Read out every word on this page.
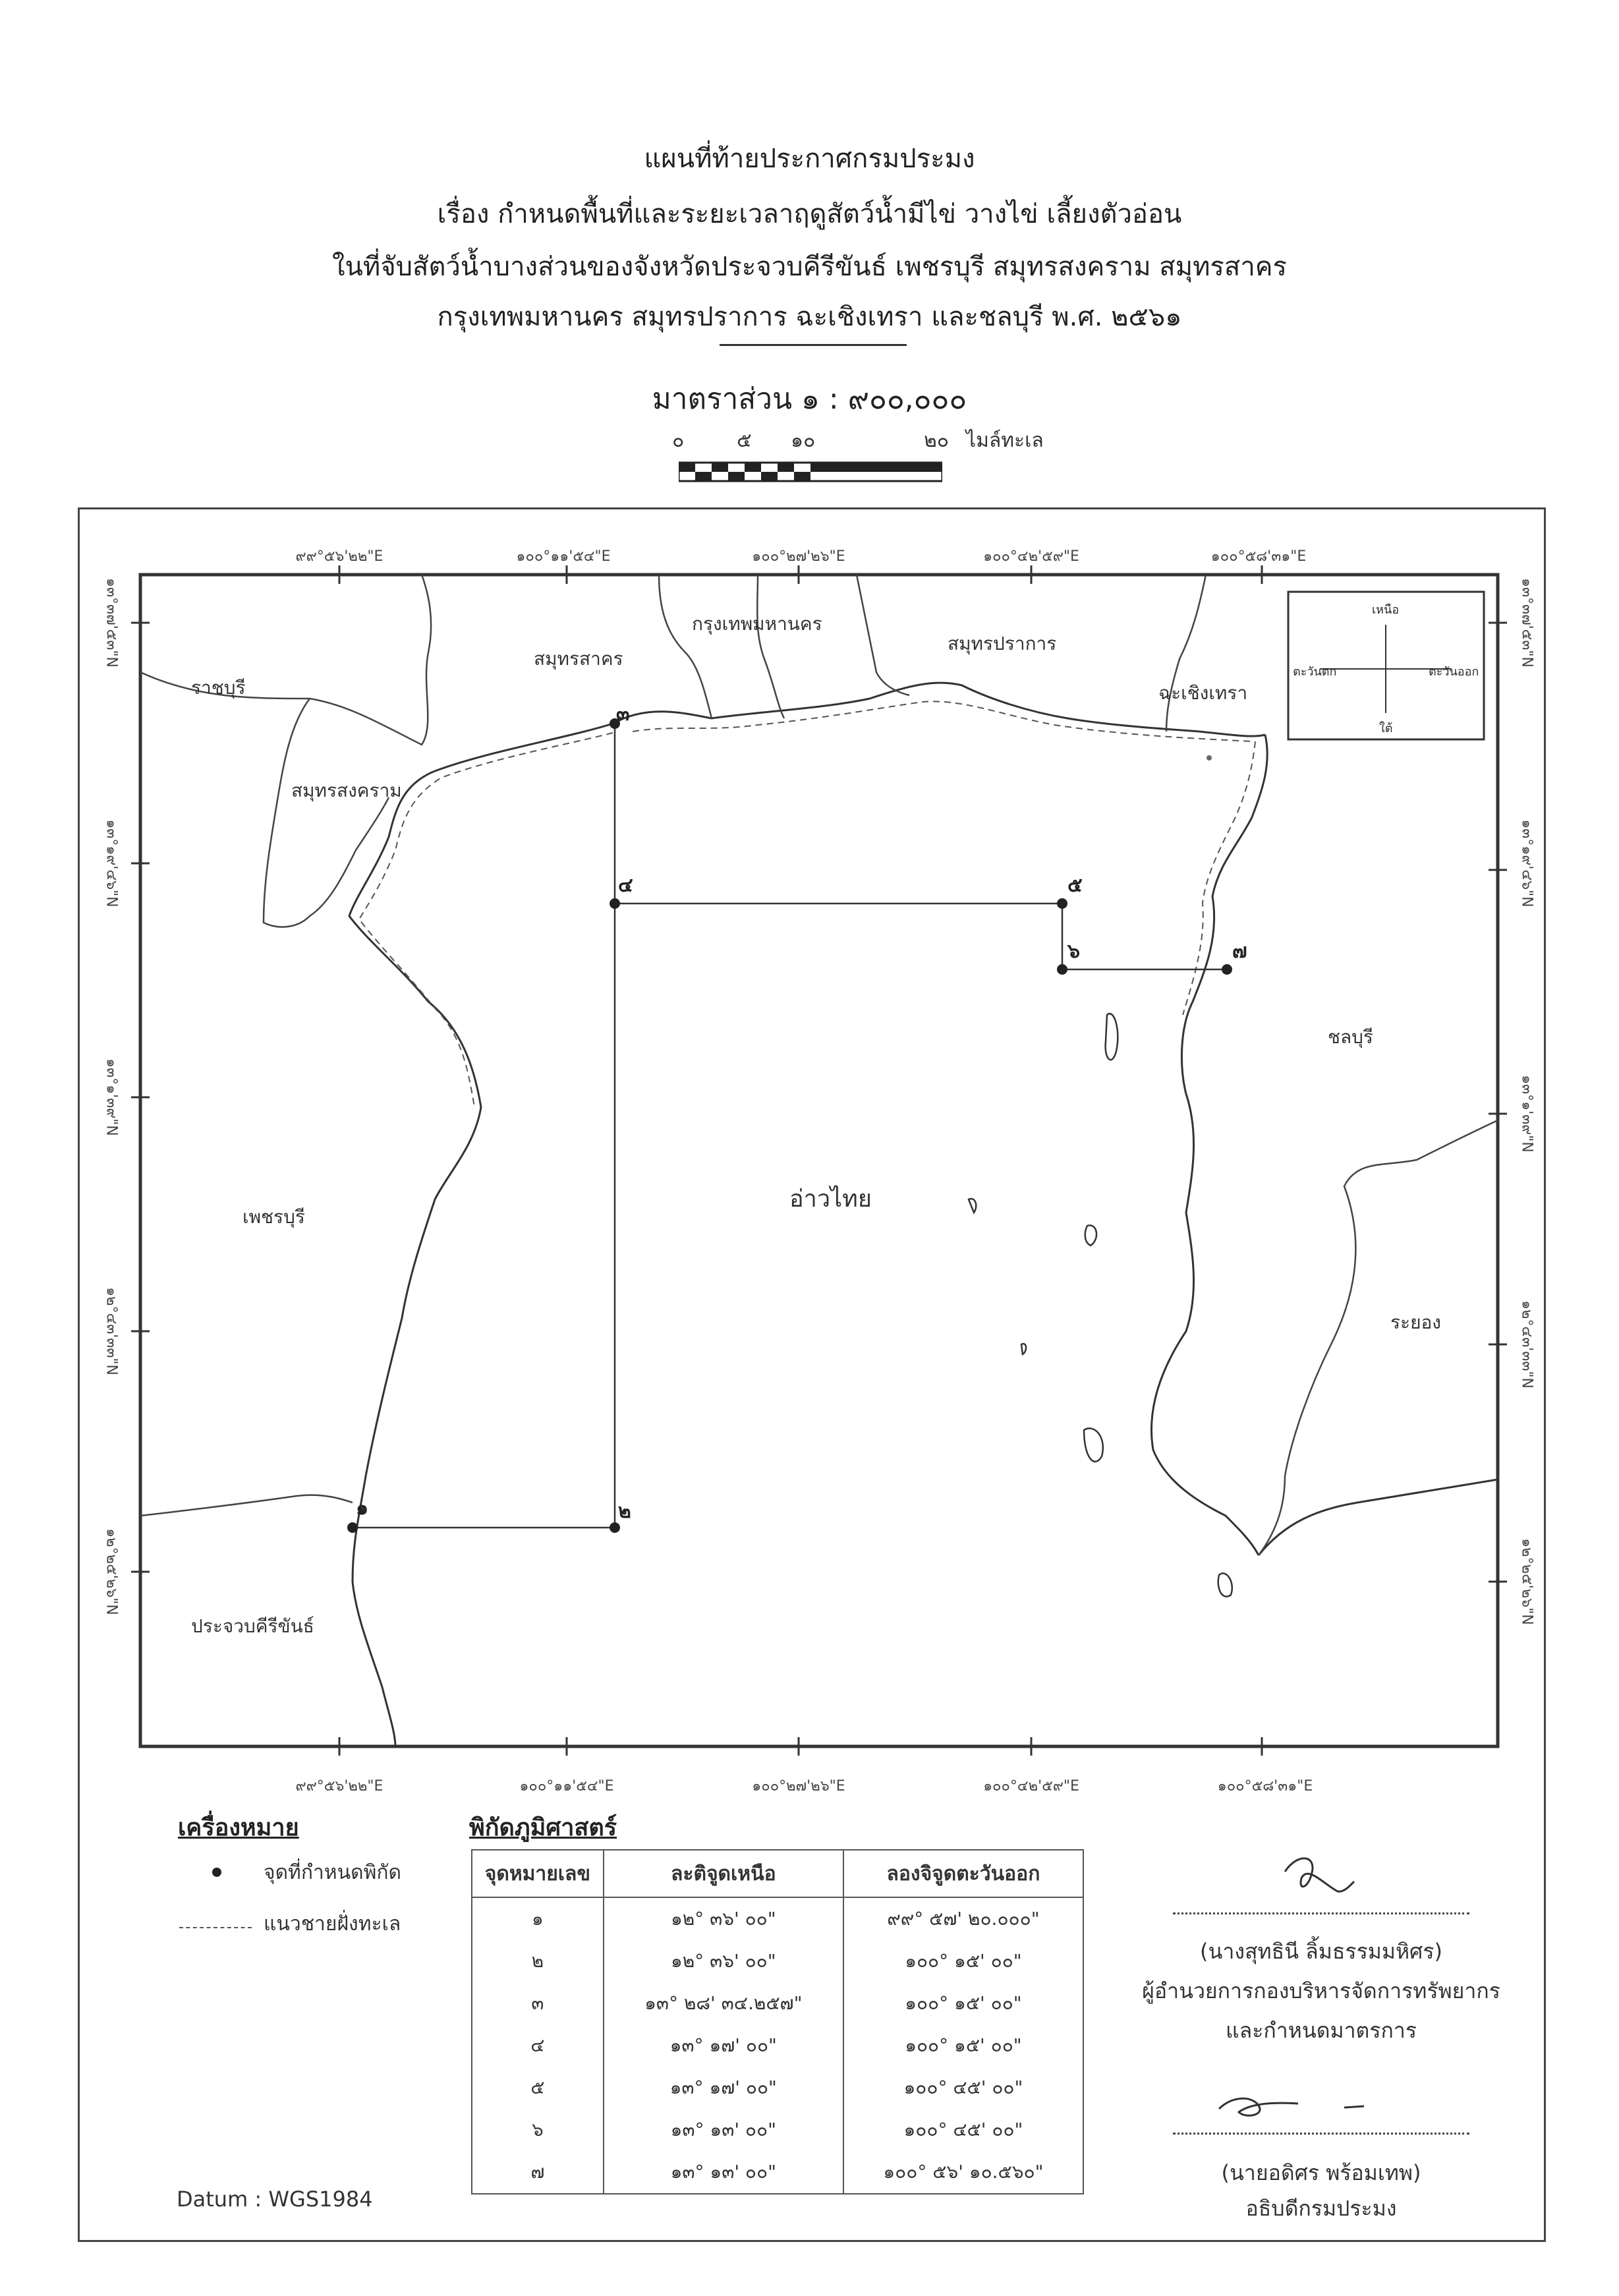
แผนที่ท้ายประกาศกรมประมง
เรื่อง กำหนดพื้นที่และระยะเวลาฤดูสัตว์น้ำมีไข่ วางไข่ เลี้ยงตัวอ่อน
ในที่จับสัตว์น้ำบางส่วนของจังหวัดประจวบคีรีขันธ์ เพชรบุรี สมุทรสงคราม สมุทรสาคร
กรุงเทพมหานคร สมุทรปราการ ฉะเชิงเทรา และชลบุรี พ.ศ. ๒๕๖๑
มาตราส่วน ๑ : ๙๐๐,๐๐๐
๐	๕ ๑๐	๒๐ ไมล์ทะเล
๙๙°๕๖'๒๒"E	๑๐๐°๑๑'๕๔"E	๑๐๐°๒๗'๒๖"E	๑๐๐°๔๒'๕๙"E	๑๐๐°๕๘'๓๑"E
๙๙°๕๖'๒๒"E	๑๐๐°๑๑'๕๔"E	๑๐๐°๒๗'๒๖"E	๑๐๐°๔๒'๕๙"E	๑๐๐°๕๘'๓๑"E
๑๓°๓๗'๕๓"N
๑๓°๑๙'๔๖"N
๑๓°๑'๓๙"N
๑๒°๔๓'๓๓"N
๑๒°๒๕'๒๖"N
๑๓°๓๗'๕๓"N
๑๓°๑๙'๔๖"N
๑๓°๑'๓๙"N
๑๒°๔๓'๓๓"N
๑๒°๒๕'๒๖"N
เหนือ
ใต้
ตะวันตก	ตะวันออก
ราชบุรี
สมุทรสาคร
กรุงเทพมหานคร
สมุทรปราการ
ฉะเชิงเทรา
สมุทรสงคราม
ชลบุรี
อ่าวไทย
เพชรบุรี
ระยอง
ประจวบคีรีขันธ์
๓
๔	๕
๖	๗
๑	๒
เครื่องหมาย
จุดที่กำหนดพิกัด
แนวชายฝั่งทะเล
Datum : WGS1984
พิกัดภูมิศาสตร์
จุดหมายเลข	ละติจูดเหนือ	ลองจิจูดตะวันออก
๑	๑๒° ๓๖' ๐๐"	๙๙° ๕๗' ๒๐.๐๐๐"
๒	๑๒° ๓๖' ๐๐"	๑๐๐° ๑๕' ๐๐"
๓	๑๓° ๒๘' ๓๔.๒๕๗"	๑๐๐° ๑๕' ๐๐"
๔	๑๓° ๑๗' ๐๐"	๑๐๐° ๑๕' ๐๐"
๕	๑๓° ๑๗' ๐๐"	๑๐๐° ๔๕' ๐๐"
๖	๑๓° ๑๓' ๐๐"	๑๐๐° ๔๕' ๐๐"
๗	๑๓° ๑๓' ๐๐"	๑๐๐° ๕๖' ๑๐.๕๖๐"
(นางสุทธินี ลิ้มธรรมมหิศร)
ผู้อำนวยการกองบริหารจัดการทรัพยากร
และกำหนดมาตรการ
(นายอดิศร พร้อมเทพ)
อธิบดีกรมประมง
